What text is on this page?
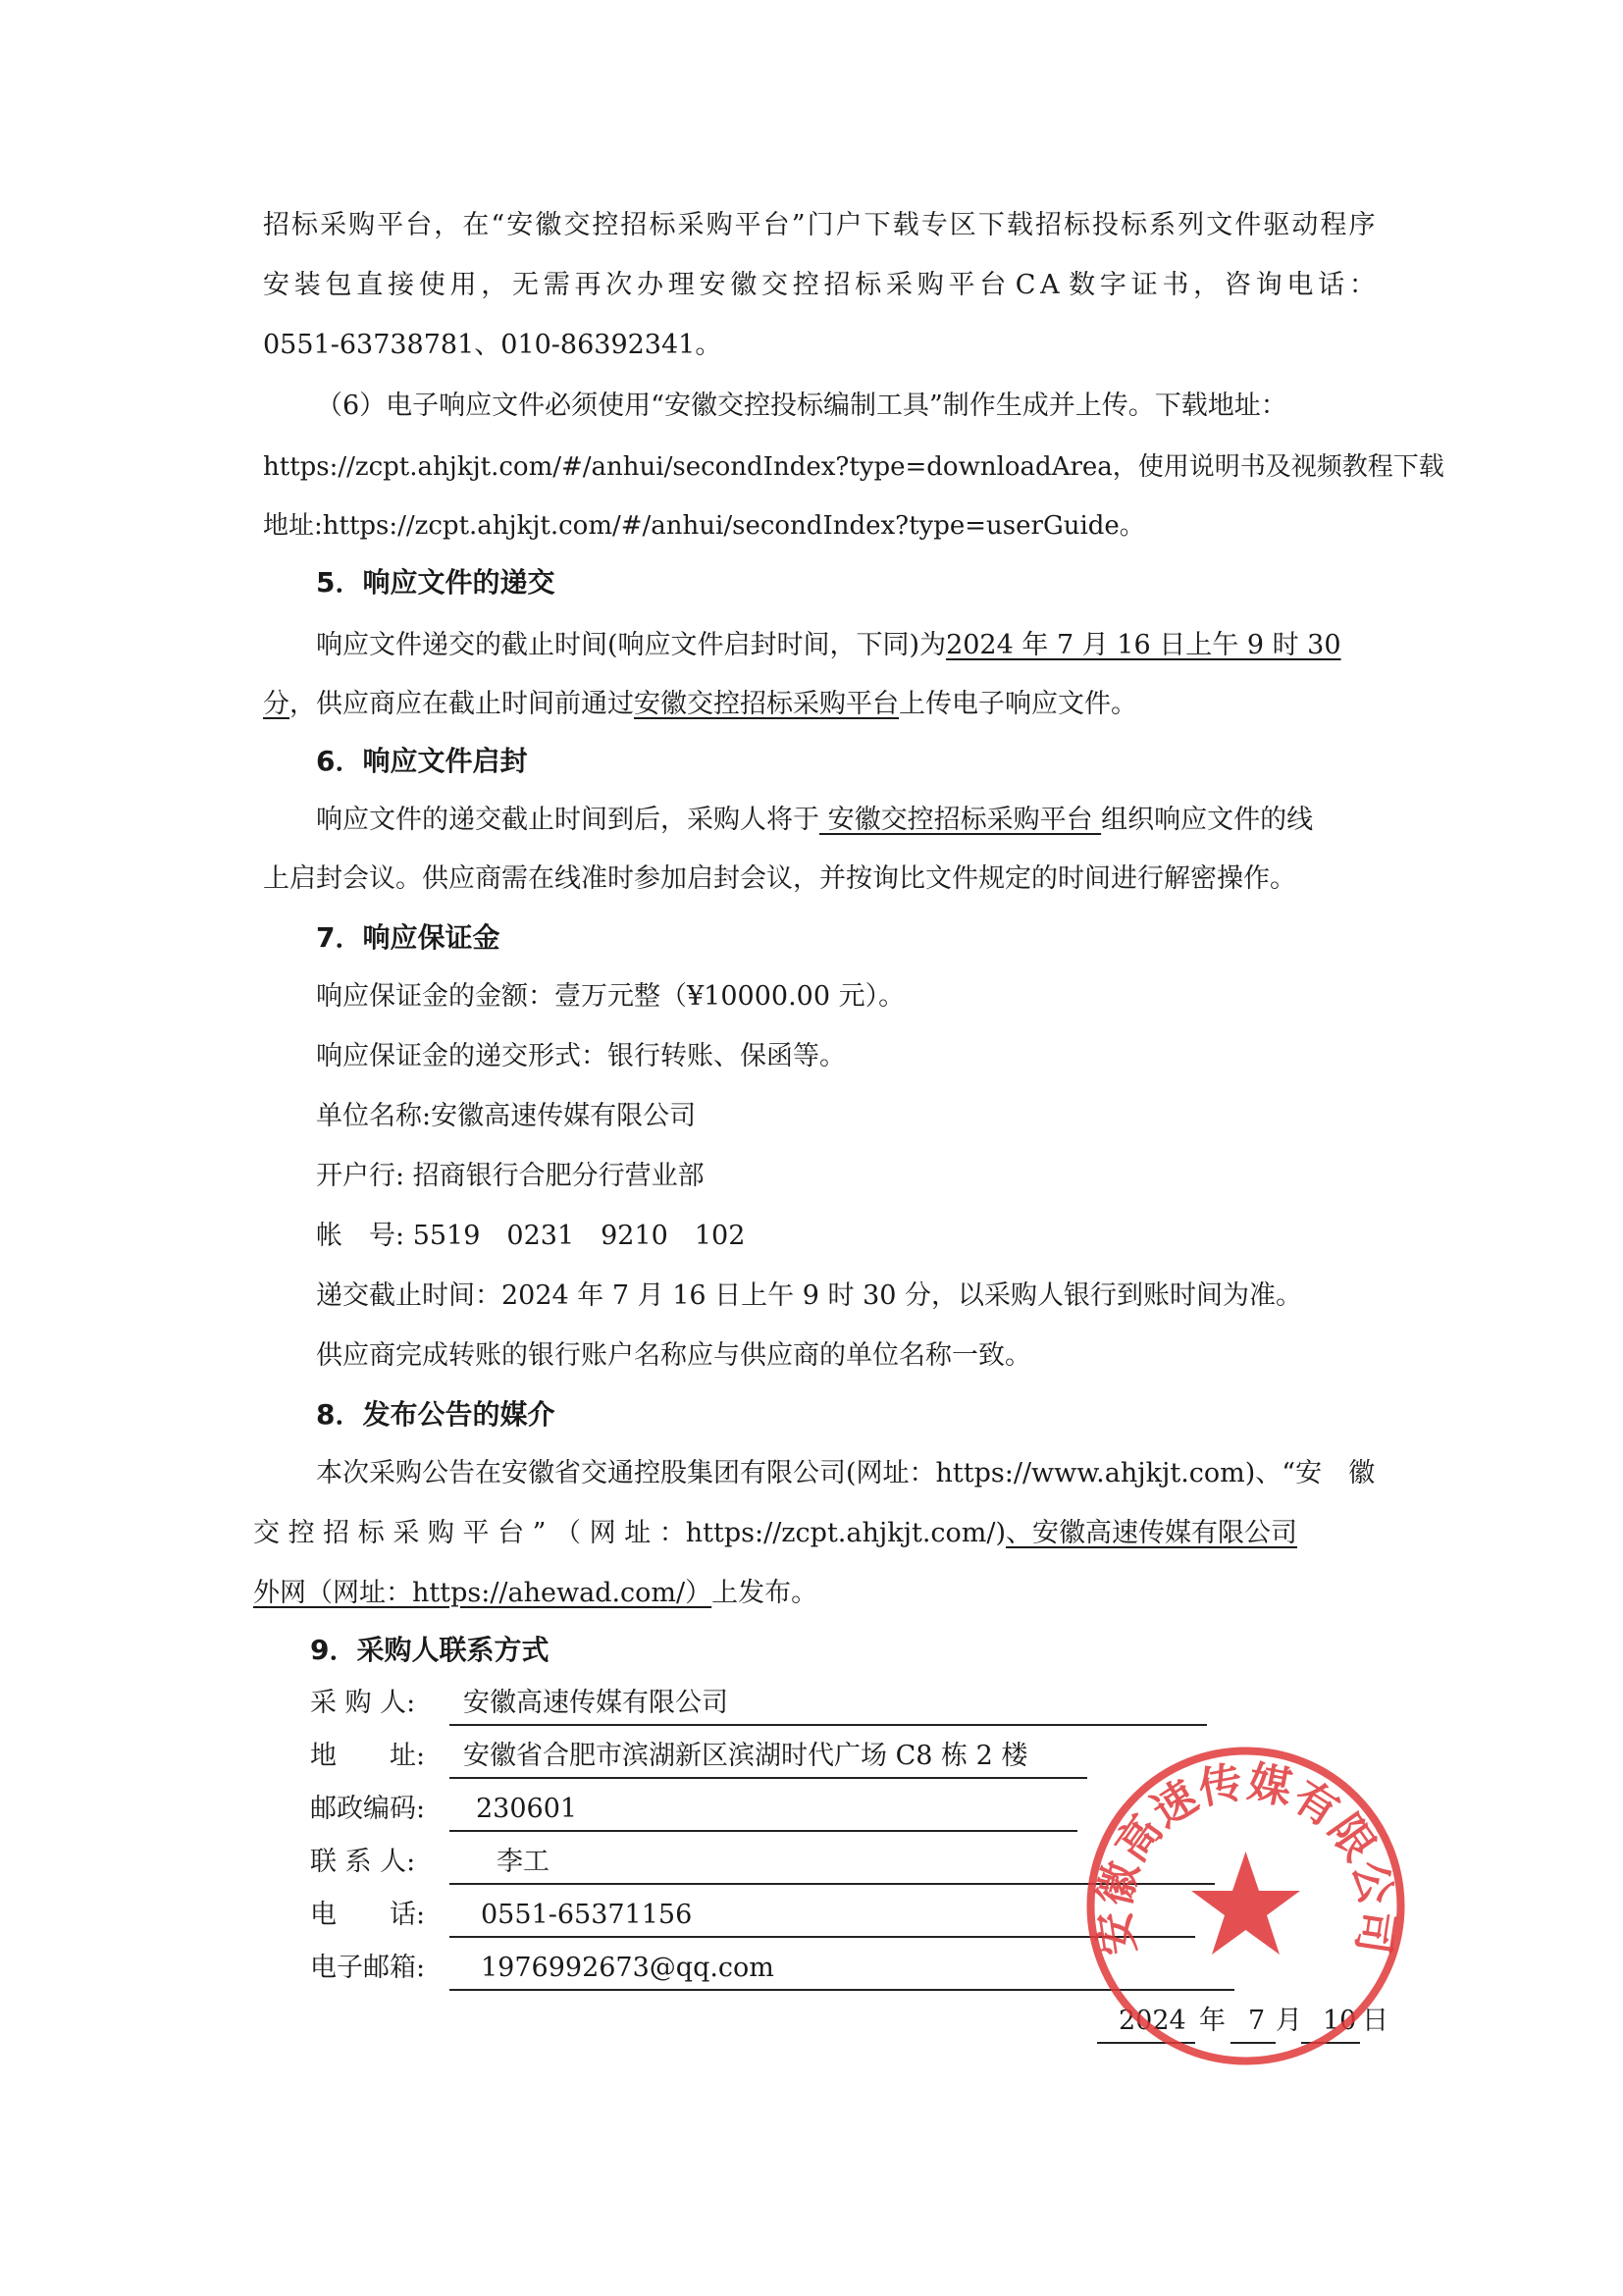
招 标 采 购 平 台 ， 在 “ 安 徽 交 控 招 标 采 购 平 台 ” 门 户 下 载 专 区 下 载 招 标 投 标 系 列 文 件 驱 动 程 序
安 装 包 直 接 使 用 ， 无 需 再 次 办 理 安 徽 交 控 招 标 采 购 平 台 C A 数 字 证 书 ， 咨 询 电 话 ：
0551-63738781、010-86392341。
（6）电子响应文件必须使用“安徽交控投标编制工具”制作生成并上传。下载地址：
https://zcpt.ahjkjt.com/#/anhui/secondIndex?type=downloadArea，使用说明书及视频教程下载
地址:https://zcpt.ahjkjt.com/#/anhui/secondIndex?type=userGuide。
5．响应文件的递交
响应文件递交的截止时间(响应文件启封时间，下同)为2024 年 7 月 16 日上午 9 时 30
分，供应商应在截止时间前通过安徽交控招标采购平台上传电子响应文件。
6．响应文件启封
响应文件的递交截止时间到后，采购人将于 安徽交控招标采购平台 组织响应文件的线
上启封会议。供应商需在线准时参加启封会议，并按询比文件规定的时间进行解密操作。
7．响应保证金
响应保证金的金额：壹万元整（¥10000.00 元）。
响应保证金的递交形式：银行转账、保函等。
单位名称:安徽高速传媒有限公司
开户行: 招商银行合肥分行营业部
帐　号: 5519　0231　9210　102
递交截止时间：2024 年 7 月 16 日上午 9 时 30 分，以采购人银行到账时间为准。
供应商完成转账的银行账户名称应与供应商的单位名称一致。
8．发布公告的媒介
本次采购公告在安徽省交通控股集团有限公司(网址：https://www.ahjkjt.com)、“安　徽
交 控 招 标 采 购 平 台 ” （ 网 址 ：https://zcpt.ahjkjt.com/)、安徽高速传媒有限公司
外网（网址：https://ahewad.com/）上发布。
9．采购人联系方式
采 购 人: 安徽高速传媒有限公司
地　　址: 安徽省合肥市滨湖新区滨湖时代广场 C8 栋 2 楼
邮政编码: 230601
联 系 人:	李工
电　　话: 0551-65371156
电子邮箱: 1976992673@qq.com
2024 年 7 月 10 日
安徽高速传媒有限公司
